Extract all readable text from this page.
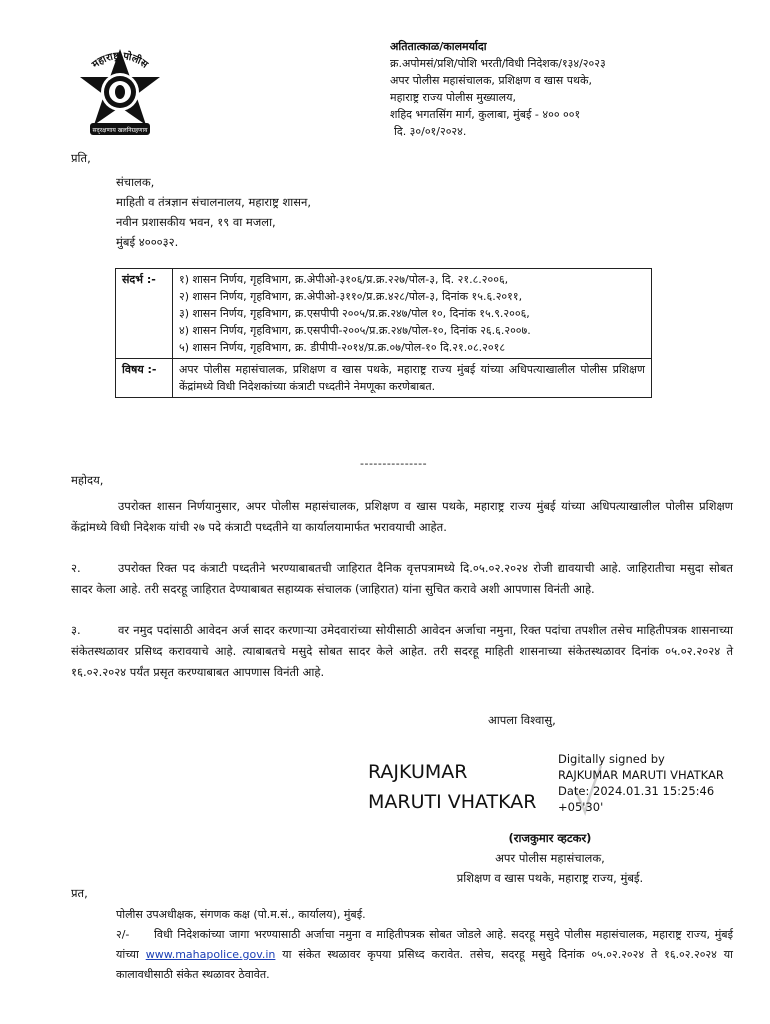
महाराष्ट्र पोलीस
सद्‌रक्षणाय खलनिग्रहणाय
अतितात्काळ/कालमर्यादा
क्र.अपोमसं/प्रशि/पोशि भरती/विधी निदेशक/१३४/२०२३
अपर पोलीस महासंचालक, प्रशिक्षण व खास पथके,
महाराष्ट्र राज्य पोलीस मुख्यालय,
शहिद भगतसिंग मार्ग, कुलाबा, मुंबई - ४०० ००१
दि. ३०/०१/२०२४.
प्रति,
संचालक,
माहिती व तंत्रज्ञान संचालनालय, महाराष्ट्र शासन,
नवीन प्रशासकीय भवन, १९ वा मजला,
मुंबई ४०००३२.
संदर्भ :-	१) शासन निर्णय, गृहविभाग, क्र.अेपीओ-३१०६/प्र.क्र.२२७/पोल-३, दि. २१.८.२००६,
२) शासन निर्णय, गृहविभाग, क्र.अेपीओ-३११०/प्र.क्र.४२८/पोल-३, दिनांक १५.६.२०११,
३) शासन निर्णय, गृहविभाग, क्र.एसपीपी २००५/प्र.क्र.२४७/पोल १०, दिनांक १५.९.२००६,
४) शासन निर्णय, गृहविभाग, क्र.एसपीपी-२००५/प्र.क्र.२४७/पोल-१०, दिनांक २६.६.२००७.
५) शासन निर्णय, गृहविभाग, क्र. डीपीपी-२०१४/प्र.क्र.०७/पोल-१० दि.२१.०८.२०१८

विषय :-	अपर पोलीस महासंचालक, प्रशिक्षण व खास पथके, महाराष्ट्र राज्य मुंबई यांच्या अधिपत्याखालील पोलीस प्रशिक्षण केंद्रांमध्ये विधी निदेशकांच्या कंत्राटी पध्दतीने नेमणूका करणेबाबत.
---------------
महोदय,
उपरोक्त शासन निर्णयानुसार, अपर पोलीस महासंचालक, प्रशिक्षण व खास पथके, महाराष्ट्र राज्य मुंबई यांच्या अधिपत्याखालील पोलीस प्रशिक्षण केंद्रांमध्ये विधी निदेशक यांची २७ पदे कंत्राटी पध्दतीने या कार्यालयामार्फत भरावयाची आहेत.
२.	उपरोक्त रिक्त पद कंत्राटी पध्दतीने भरण्याबाबतची जाहिरात दैनिक वृत्तपत्रामध्ये दि.०५.०२.२०२४ रोजी द्यावयाची आहे. जाहिरातीचा मसुदा सोबत सादर केला आहे. तरी सदरहू जाहिरात देण्याबाबत सहाय्यक संचालक (जाहिरात) यांना सुचित करावे अशी आपणास विनंती आहे.
३.	वर नमुद पदांसाठी आवेदन अर्ज सादर करणाऱ्या उमेदवारांच्या सोयीसाठी आवेदन अर्जाचा नमुना, रिक्त पदांचा तपशील तसेच माहितीपत्रक शासनाच्या संकेतस्थळावर प्रसिध्द करावयाचे आहे. त्याबाबतचे मसुदे सोबत सादर केले आहेत. तरी सदरहू माहिती शासनाच्या संकेतस्थळावर दिनांक ०५.०२.२०२४ ते १६.०२.२०२४ पर्यंत प्रसृत करण्याबाबत आपणास विनंती आहे.
आपला विश्वासु,
RAJKUMAR
MARUTI VHATKAR
Digitally signed by
RAJKUMAR MARUTI VHATKAR
Date: 2024.01.31 15:25:46
+05'30'
(राजकुमार व्हटकर)
अपर पोलीस महासंचालक,
प्रशिक्षण व खास पथके, महाराष्ट्र राज्य, मुंबई.
प्रत,
पोलीस उपअधीक्षक, संगणक कक्ष (पो.म.सं., कार्यालय), मुंबई.
२/- विधी निदेशकांच्या जागा भरण्यासाठी अर्जाचा नमुना व माहितीपत्रक सोबत जोडले आहे. सदरहू मसुदे पोलीस महासंचालक, महाराष्ट्र राज्य, मुंबई यांच्या www.mahapolice.gov.in या संकेत स्थळावर कृपया प्रसिध्द करावेत. तसेच, सदरहू मसुदे दिनांक ०५.०२.२०२४ ते १६.०२.२०२४ या कालावधीसाठी संकेत स्थळावर ठेवावेत.
